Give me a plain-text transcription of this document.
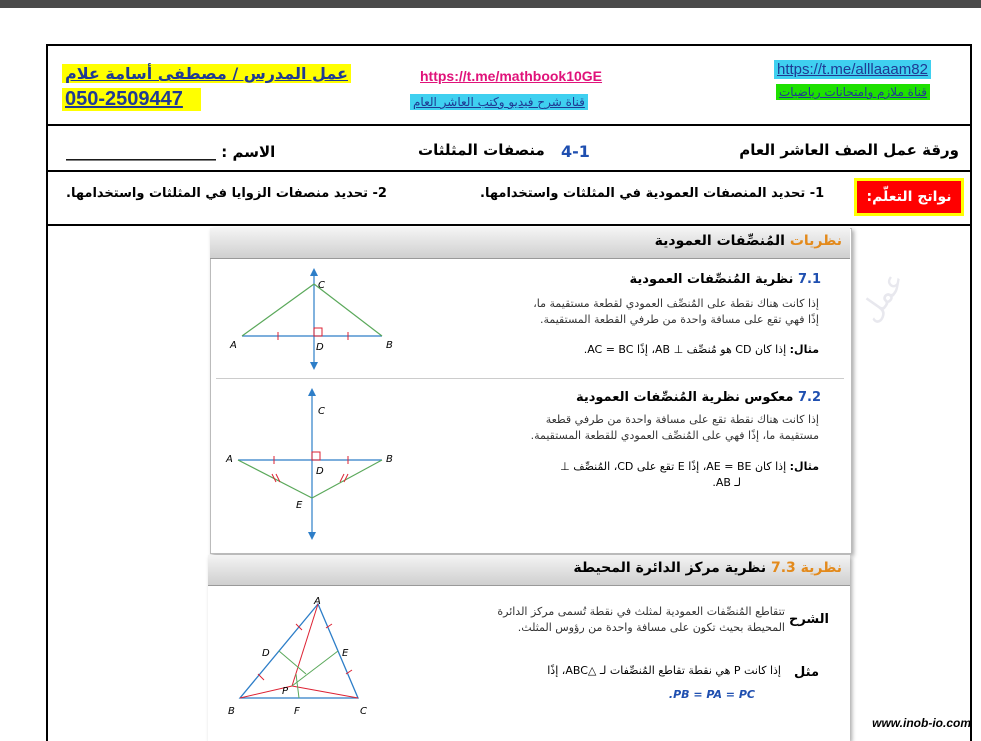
عمل المدرس / مصطفى أسامة علام
050-2509447
https://t.me/mathbook10GE
قناة شرح فيديو وكتب العاشر العام
https://t.me/alllaaam82
قناة ملازم وامتحانات رياضيات
ورقة عمل الصف العاشر العام
4-1
منصفات المثلثات
الاسم : ____________________
نواتج التعلّم:
1- تحديد المنصفات العمودية في المثلثات واستخدامها.
2- تحديد منصفات الزوايا في المثلثات واستخدامها.
نظريات المُنصِّفات العمودية
عمل
7.1 نظرية المُنصِّفات العمودية
إذا كانت هناك نقطة على المُنصِّف العمودي لقطعة مستقيمة ما،
إذًا فهي تقع على مسافة واحدة من طرفي القطعة المستقيمة.
مثال: إذا كان CD هو مُنصِّف ⊥ AB، إذًا AC = BC.
A	B
C
D
7.2 معكوس نظرية المُنصِّفات العمودية
إذا كانت هناك نقطة تقع على مسافة واحدة من طرفي قطعة
مستقيمة ما، إذًا فهي على المُنصِّف العمودي للقطعة المستقيمة.
مثال: إذا كان AE = BE، إذًا E تقع على CD، المُنصِّف ⊥
لـ AB.
A	B
C
D
E
نظرية 7.3 نظرية مركز الدائرة المحيطة
الشرح
تتقاطع المُنصِّفات العمودية لمثلث في نقطة تُسمى مركز الدائرة
المحيطة بحيث تكون على مسافة واحدة من رؤوس المثلث.
مثل
إذا كانت P هي نقطة تقاطع المُنصِّفات لـ △ABC، إذًا
PB = PA = PC.
A
B	C
D	E
F
P
www.inob-io.com
